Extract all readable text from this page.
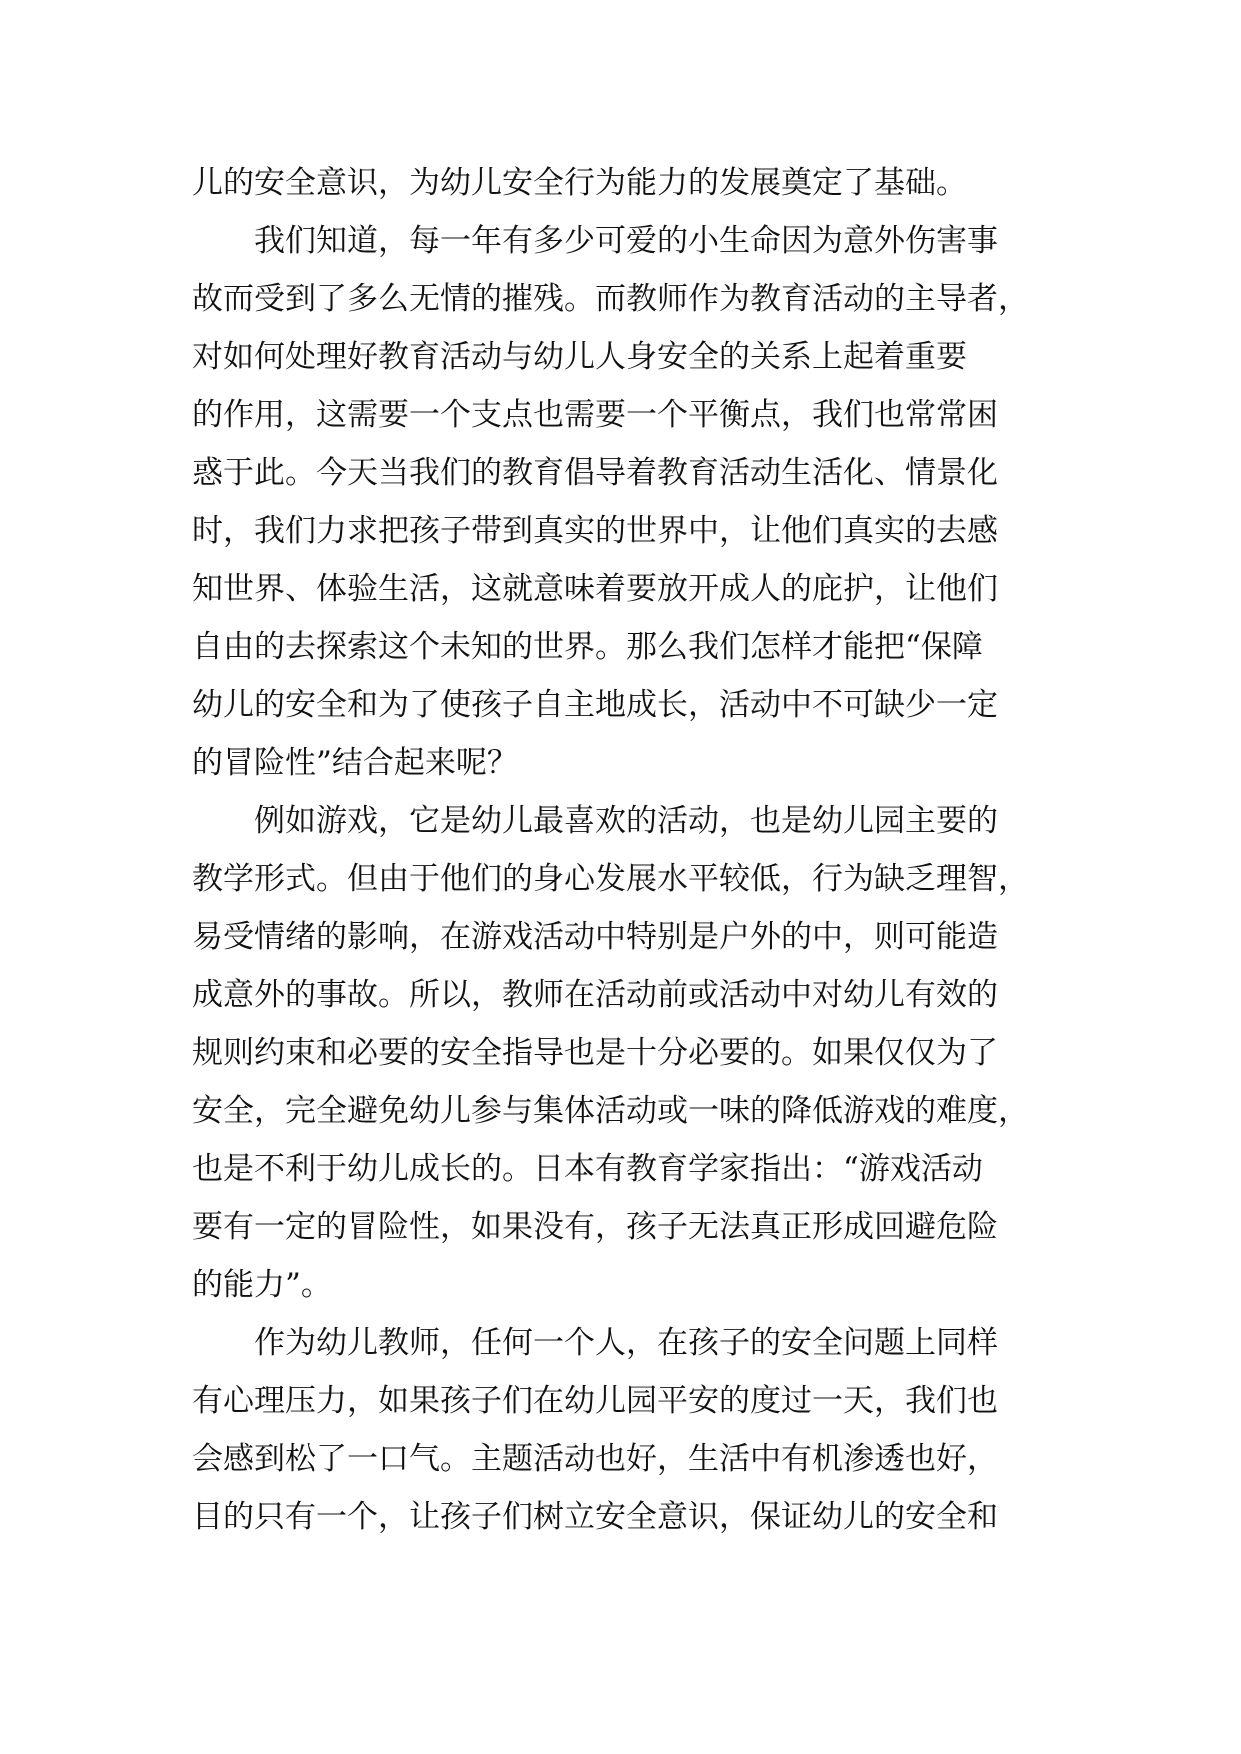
儿的安全意识，为幼儿安全行为能力的发展奠定了基础。
　　我们知道，每一年有多少可爱的小生命因为意外伤害事
故而受到了多么无情的摧残。而教师作为教育活动的主导者，
对如何处理好教育活动与幼儿人身安全的关系上起着重要
的作用，这需要一个支点也需要一个平衡点，我们也常常困
惑于此。今天当我们的教育倡导着教育活动生活化、情景化
时，我们力求把孩子带到真实的世界中，让他们真实的去感
知世界、体验生活，这就意味着要放开成人的庇护，让他们
自由的去探索这个未知的世界。那么我们怎样才能把“保障
幼儿的安全和为了使孩子自主地成长，活动中不可缺少一定
的冒险性”结合起来呢？
　　例如游戏，它是幼儿最喜欢的活动，也是幼儿园主要的
教学形式。但由于他们的身心发展水平较低，行为缺乏理智，
易受情绪的影响，在游戏活动中特别是户外的中，则可能造
成意外的事故。所以，教师在活动前或活动中对幼儿有效的
规则约束和必要的安全指导也是十分必要的。如果仅仅为了
安全，完全避免幼儿参与集体活动或一味的降低游戏的难度，
也是不利于幼儿成长的。日本有教育学家指出：“游戏活动
要有一定的冒险性，如果没有，孩子无法真正形成回避危险
的能力”。
　　作为幼儿教师，任何一个人，在孩子的安全问题上同样
有心理压力，如果孩子们在幼儿园平安的度过一天，我们也
会感到松了一口气。主题活动也好，生活中有机渗透也好，
目的只有一个，让孩子们树立安全意识，保证幼儿的安全和
